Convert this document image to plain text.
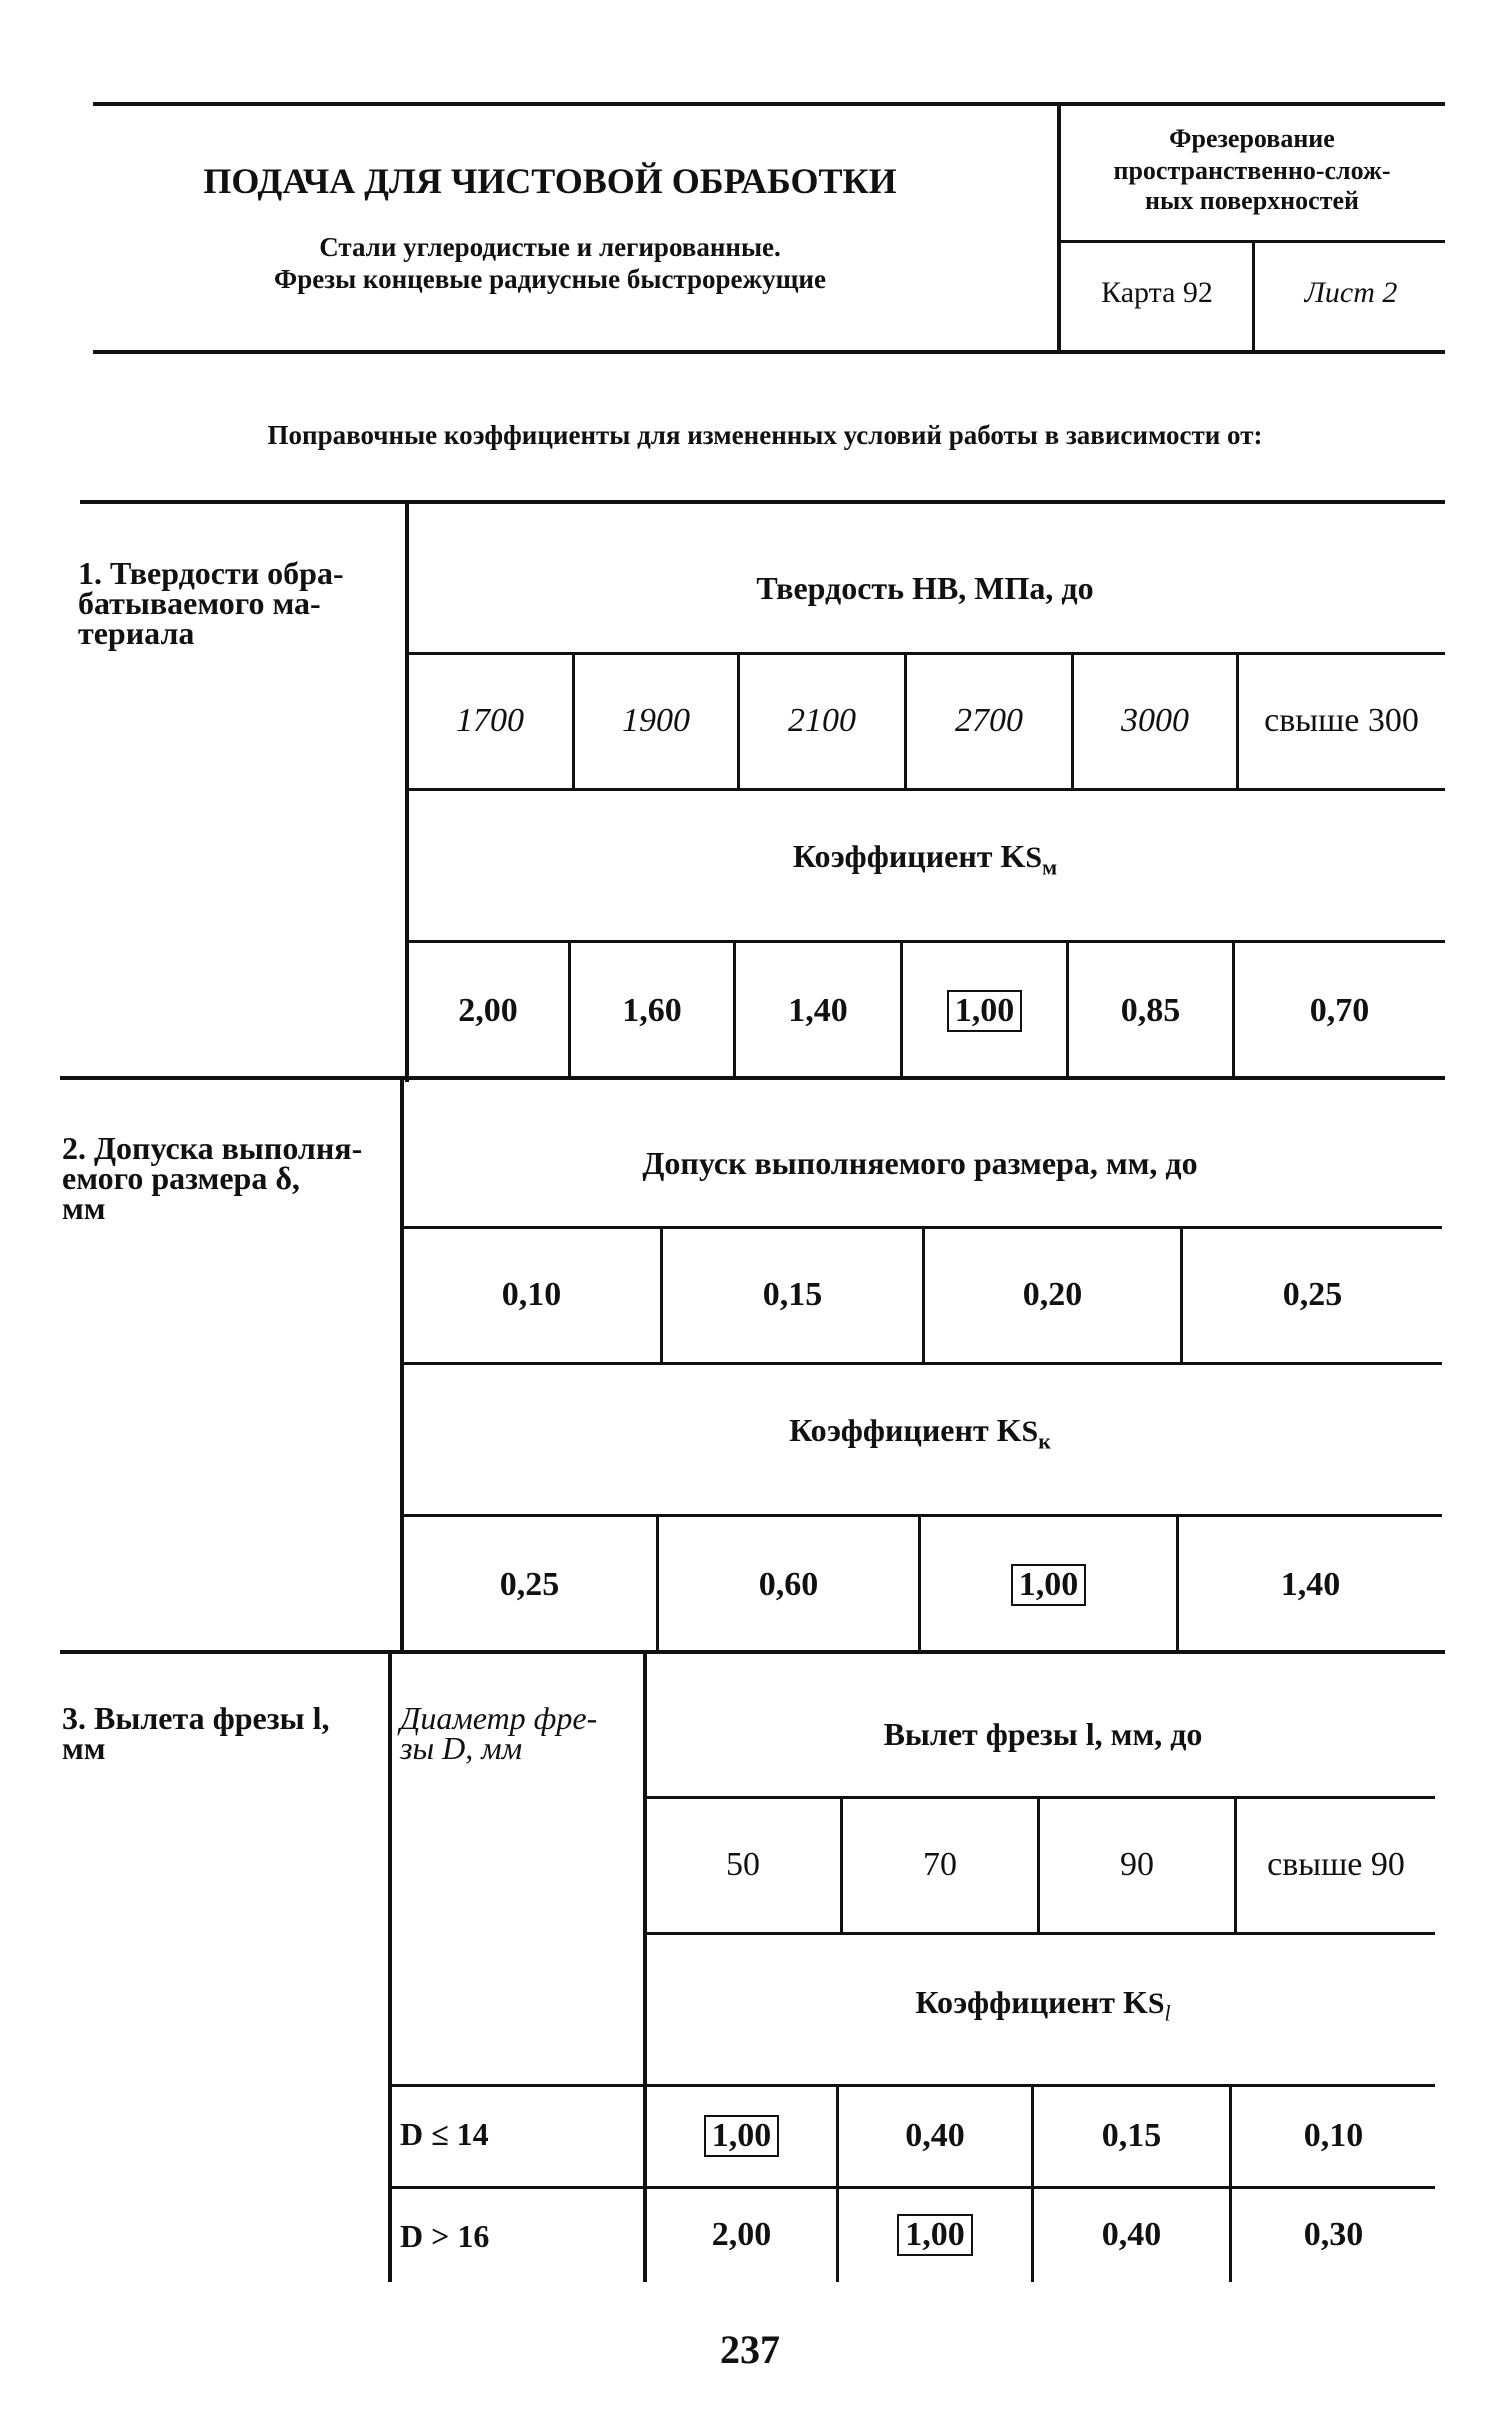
ПОДАЧА ДЛЯ ЧИСТОВОЙ ОБРАБОТКИ
Стали углеродистые и легированные.
Фрезы концевые радиусные быстрорежущие
Фрезерование
пространственно-слож-
ных поверхностей
Карта 92	Лист 2
Поправочные коэффициенты для измененных условий работы в зависимости от:
1. Твердости обра-
батываемого ма-
териала
Твердость HB, МПа, до
1700	1900	2100	2700	3000	свыше 300
Коэффициент $KS_м$
2,00	1,60	1,40	1,00	0,85	0,70
2. Допуска выполня-
емого размера δ,
мм
Допуск выполняемого размера, мм, до
0,10	0,15	0,20	0,25
Коэффициент $KS_к$
0,25	0,60	1,00	1,40
3. Вылета фрезы l,
мм
Диаметр фре-
зы D, мм	Вылет фрезы l, мм, до
50	70	90	свыше 90
Коэффициент $KS_l$
D ≤ 14	1,00	0,40	0,15	0,10
D > 16	2,00	1,00	0,40	0,30
237
